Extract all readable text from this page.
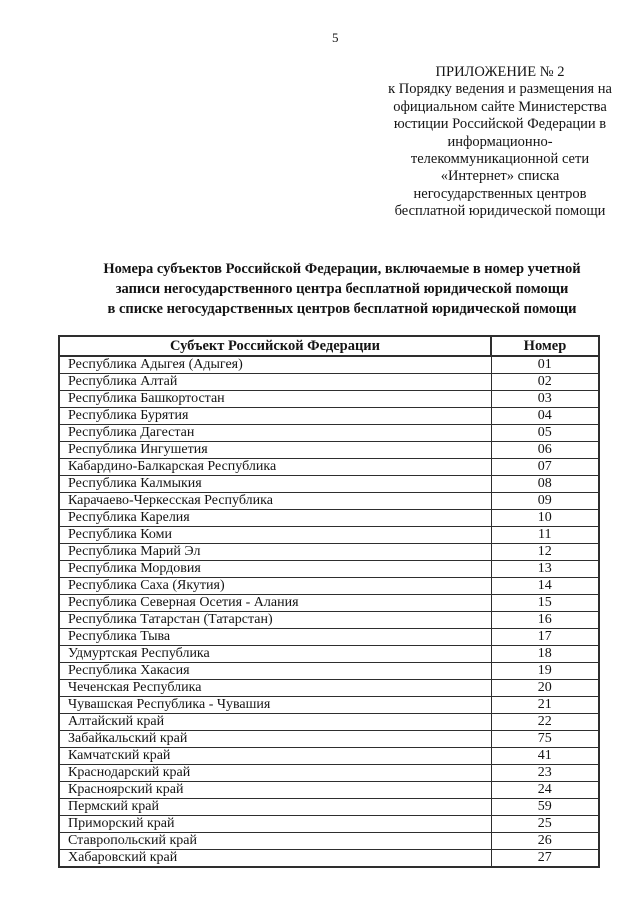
5
ПРИЛОЖЕНИЕ № 2
к Порядку ведения и размещения на
официальном сайте Министерства
юстиции Российской Федерации в
информационно-
телекоммуникационной сети
«Интернет» списка
негосударственных центров
бесплатной юридической помощи
Номера субъектов Российской Федерации, включаемые в номер учетной
записи негосударственного центра бесплатной юридической помощи
в списке негосударственных центров бесплатной юридической помощи
Субъект Российской Федерации	Номер
Республика Адыгея (Адыгея)	01
Республика Алтай	02
Республика Башкортостан	03
Республика Бурятия	04
Республика Дагестан	05
Республика Ингушетия	06
Кабардино-Балкарская Республика	07
Республика Калмыкия	08
Карачаево-Черкесская Республика	09
Республика Карелия	10
Республика Коми	11
Республика Марий Эл	12
Республика Мордовия	13
Республика Саха (Якутия)	14
Республика Северная Осетия - Алания	15
Республика Татарстан (Татарстан)	16
Республика Тыва	17
Удмуртская Республика	18
Республика Хакасия	19
Чеченская Республика	20
Чувашская Республика - Чувашия	21
Алтайский край	22
Забайкальский край	75
Камчатский край	41
Краснодарский край	23
Красноярский край	24
Пермский край	59
Приморский край	25
Ставропольский край	26
Хабаровский край	27
